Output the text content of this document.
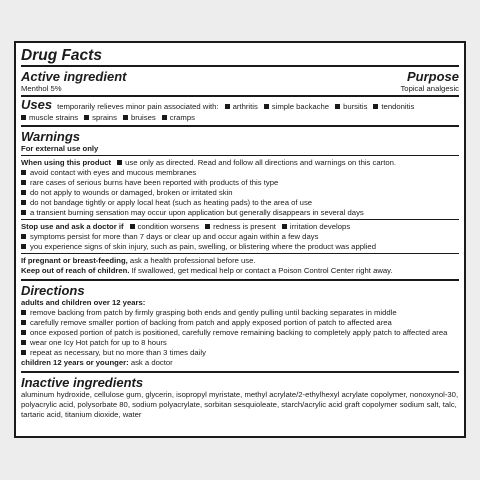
Drug Facts
Active ingredient	Purpose
Menthol 5%	Topical analgesic
Uses temporarily relieves minor pain associated with: arthritis simple backache bursitis tendonitis
muscle strains sprains bruises cramps
Warnings
For external use only
When using this product use only as directed. Read and follow all directions and warnings on this carton.
avoid contact with eyes and mucous membranes
rare cases of serious burns have been reported with products of this type
do not apply to wounds or damaged, broken or irritated skin
do not bandage tightly or apply local heat (such as heating pads) to the area of use
a transient burning sensation may occur upon application but generally disappears in several days
Stop use and ask a doctor if condition worsens redness is present irritation develops
symptoms persist for more than 7 days or clear up and occur again within a few days
you experience signs of skin injury, such as pain, swelling, or blistering where the product was applied
If pregnant or breast-feeding, ask a health professional before use.
Keep out of reach of children. If swallowed, get medical help or contact a Poison Control Center right away.
Directions
adults and children over 12 years:
remove backing from patch by firmly grasping both ends and gently pulling until backing separates in middle
carefully remove smaller portion of backing from patch and apply exposed portion of patch to affected area
once exposed portion of patch is positioned, carefully remove remaining backing to completely apply patch to affected area
wear one Icy Hot patch for up to 8 hours
repeat as necessary, but no more than 3 times daily
children 12 years or younger: ask a doctor
Inactive ingredients
aluminum hydroxide, cellulose gum, glycerin, isopropyl myristate, methyl acrylate/2-ethylhexyl acrylate copolymer, nonoxynol-30, polyacrylic acid, polysorbate 80, sodium polyacrylate, sorbitan sesquioleate, starch/acrylic acid graft copolymer sodium salt, talc, tartaric acid, titanium dioxide, water
